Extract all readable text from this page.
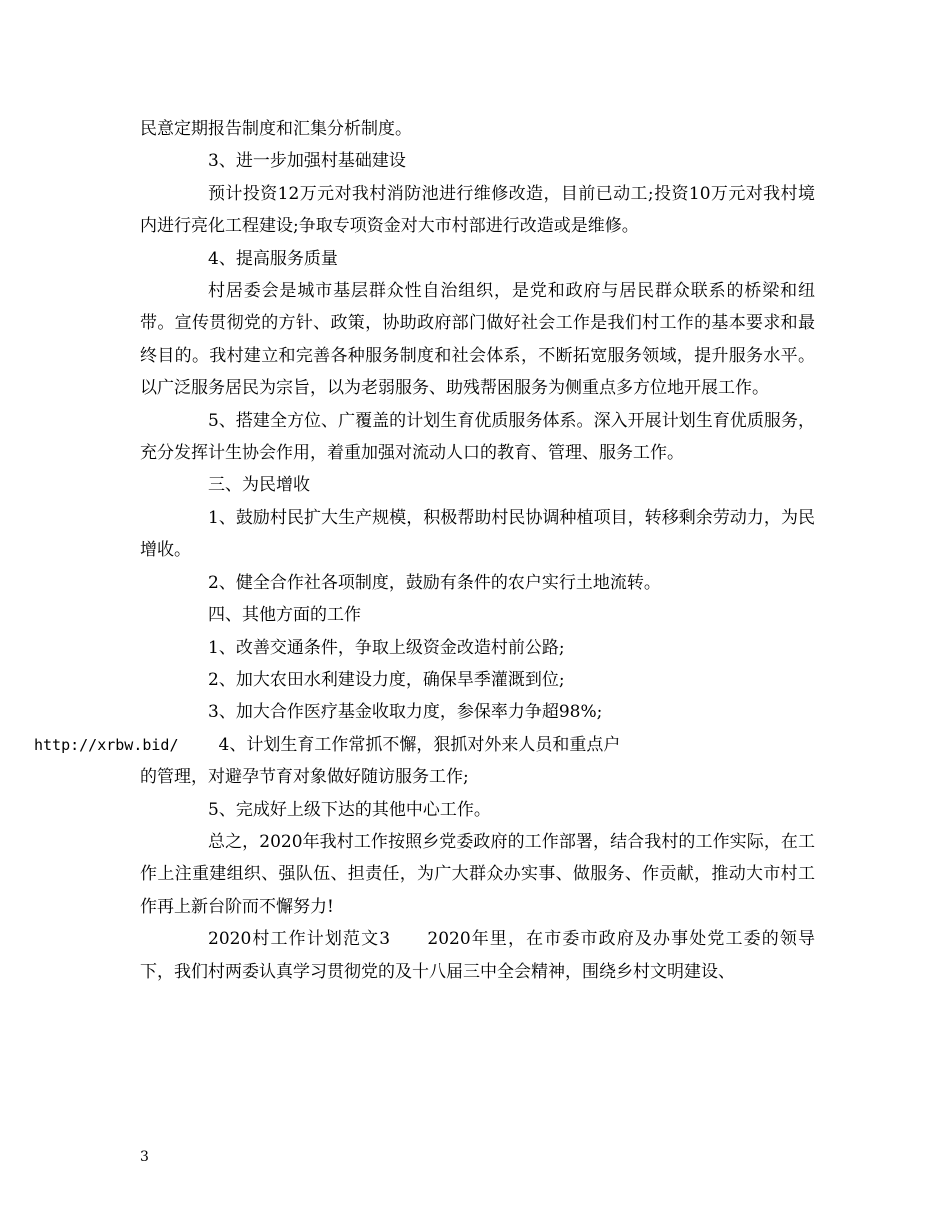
民意定期报告制度和汇集分析制度。

3、进一步加强村基础建设

预计投资12万元对我村消防池进行维修改造，目前已动工;投资10万元对我村境内进行亮化工程建设;争取专项资金对大市村部进行改造或是维修。

4、提高服务质量

村居委会是城市基层群众性自治组织，是党和政府与居民群众联系的桥梁和纽带。宣传贯彻党的方针、政策，协助政府部门做好社会工作是我们村工作的基本要求和最终目的。我村建立和完善各种服务制度和社会体系，不断拓宽服务领域，提升服务水平。以广泛服务居民为宗旨，以为老弱服务、助残帮困服务为侧重点多方位地开展工作。

5、搭建全方位、广覆盖的计划生育优质服务体系。深入开展计划生育优质服务，充分发挥计生协会作用，着重加强对流动人口的教育、管理、服务工作。

三、为民增收

1、鼓励村民扩大生产规模，积极帮助村民协调种植项目，转移剩余劳动力，为民增收。

2、健全合作社各项制度，鼓励有条件的农户实行土地流转。

四、其他方面的工作

1、改善交通条件，争取上级资金改造村前公路;

2、加大农田水利建设力度，确保旱季灌溉到位;

3、加大合作医疗基金收取力度，参保率力争超98%;

http://xrbw.bid/ 4、计划生育工作常抓不懈，狠抓对外来人员和重点户

的管理，对避孕节育对象做好随访服务工作;

5、完成好上级下达的其他中心工作。

总之，2020年我村工作按照乡党委政府的工作部署，结合我村的工作实际，在工作上注重建组织、强队伍、担责任，为广大群众办实事、做服务、作贡献，推动大市村工作再上新台阶而不懈努力!

2020村工作计划范文3　　2020年里，在市委市政府及办事处党工委的领导下，我们村两委认真学习贯彻党的及十八届三中全会精神，围绕乡村文明建设、

3
